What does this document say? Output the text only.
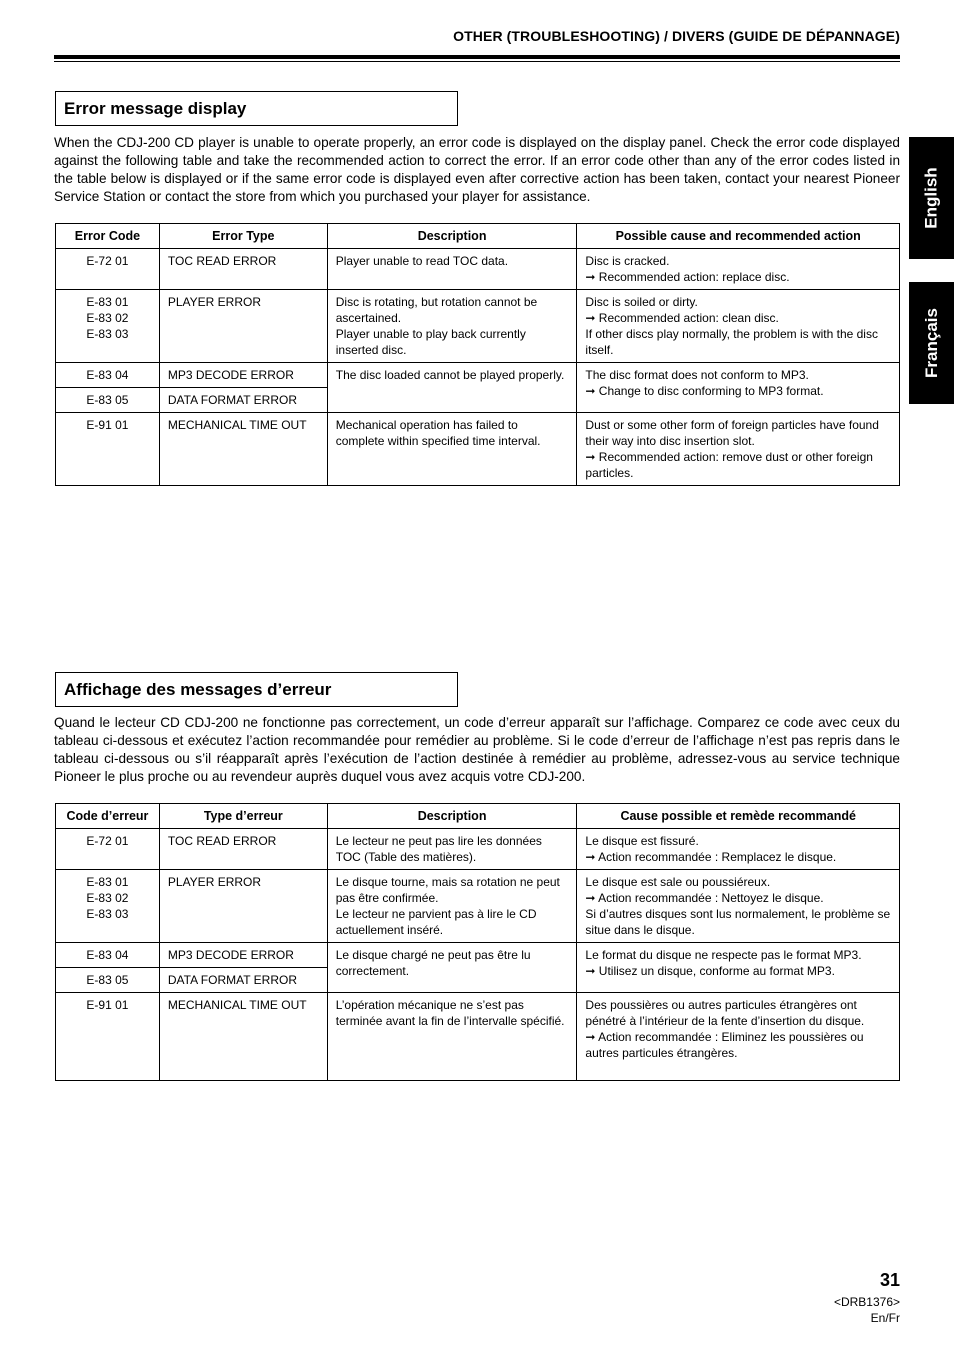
OTHER (TROUBLESHOOTING) / DIVERS (GUIDE DE DÉPANNAGE)
English
Français
Error message display
When the CDJ-200 CD player is unable to operate properly, an error code is displayed on the display panel. Check the error code displayed against the following table and take the recommended action to correct the error. If an error code other than any of the error codes listed in the table below is displayed or if the same error code is displayed even after corrective action has been taken, contact your nearest Pioneer Service Station or contact the store from which you purchased your player for assistance.
Error Code	Error Type	Description	Possible cause and recommended action

E-72 01	TOC READ ERROR	Player unable to read TOC data.	Disc is cracked.
➞ Recommended action: replace disc.

E-83 01
E-83 02
E-83 03	PLAYER ERROR	Disc is rotating, but rotation cannot be ascertained.
Player unable to play back currently inserted disc.	Disc is soiled or dirty.
➞ Recommended action: clean disc.
If other discs play normally, the problem is with the disc itself.

E-83 04	MP3 DECODE ERROR	The disc loaded cannot be played properly.	The disc format does not conform to MP3.
➞ Change to disc conforming to MP3 format.

E-83 05	DATA FORMAT ERROR		

E-91 01	MECHANICAL TIME OUT	Mechanical operation has failed to complete within specified time interval.	Dust or some other form of foreign particles have found their way into disc insertion slot.
➞ Recommended action: remove dust or other foreign particles.
Affichage des messages d’erreur
Quand le lecteur CD CDJ-200 ne fonctionne pas correctement, un code d’erreur apparaît sur l’affichage. Comparez ce code avec ceux du tableau ci-dessous et exécutez l’action recommandée pour remédier au problème. Si le code d’erreur de l’affichage n’est pas repris dans le tableau ci-dessous ou s’il réapparaît après l’exécution de l’action destinée à remédier au problème, adressez-vous au service technique Pioneer le plus proche ou au revendeur auprès duquel vous avez acquis votre CDJ-200.
Code d’erreur	Type d’erreur	Description	Cause possible et remède recommandé

E-72 01	TOC READ ERROR	Le lecteur ne peut pas lire les données TOC (Table des matières).	Le disque est fissuré.
➞ Action recommandée : Remplacez le disque.

E-83 01
E-83 02
E-83 03	PLAYER ERROR	Le disque tourne, mais sa rotation ne peut pas être confirmée.
Le lecteur ne parvient pas à lire le CD actuellement inséré.	Le disque est sale ou poussiéreux.
➞ Action recommandée : Nettoyez le disque.
Si d’autres disques sont lus normalement, le problème se situe dans le disque.

E-83 04	MP3 DECODE ERROR	Le disque chargé ne peut pas être lu correctement.	Le format du disque ne respecte pas le format MP3.
➞ Utilisez un disque, conforme au format MP3.

E-83 05	DATA FORMAT ERROR		

E-91 01	MECHANICAL TIME OUT	L’opération mécanique ne s’est pas terminée avant la fin de l’intervalle spécifié.	Des poussières ou autres particules étrangères ont pénétré à l’intérieur de la fente d’insertion du disque.
➞ Action recommandée : Eliminez les poussières ou autres particules étrangères.
31
<DRB1376>
En/Fr
